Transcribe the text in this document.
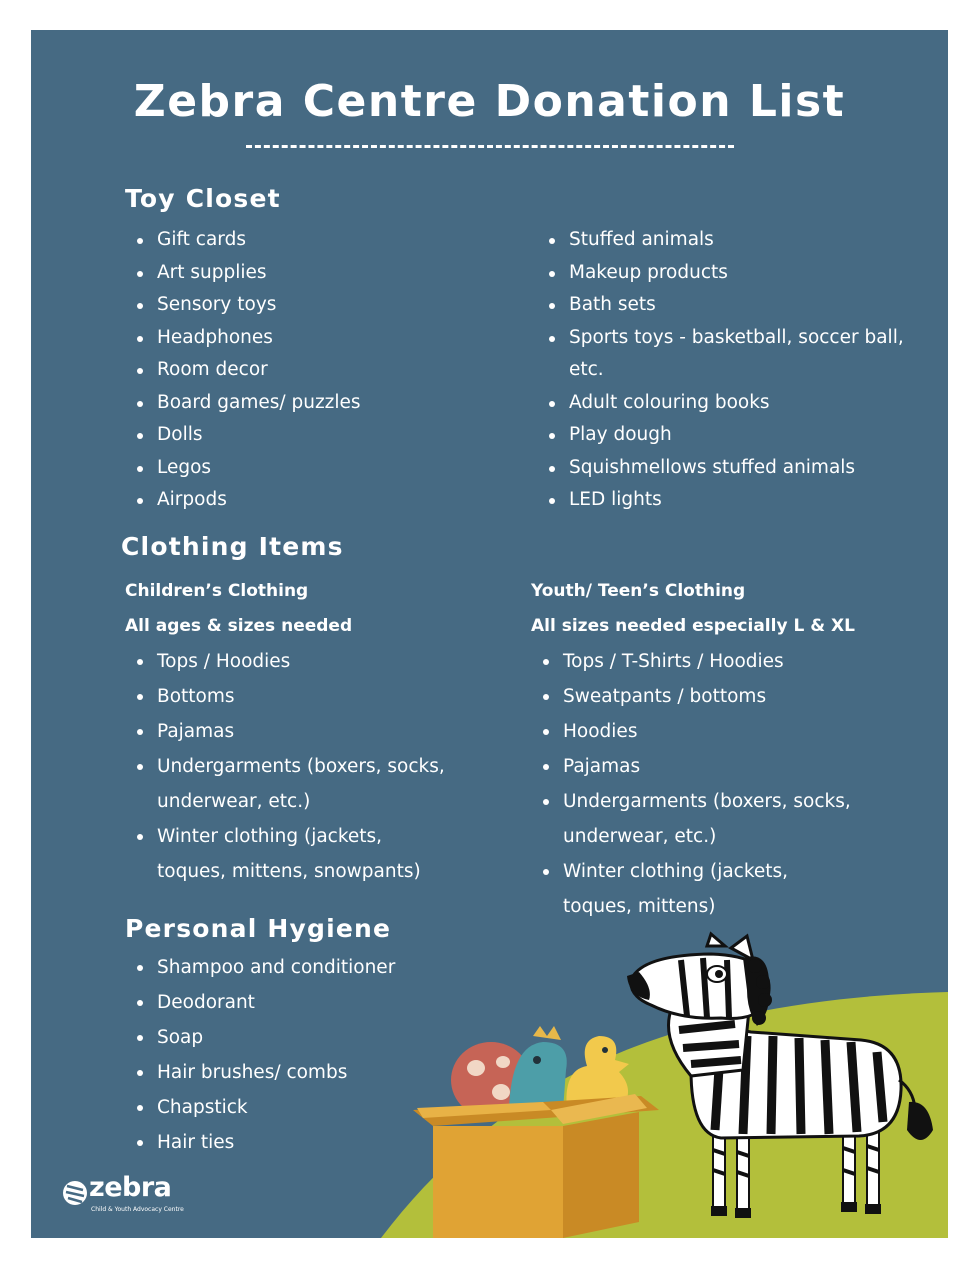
Zebra Centre Donation List
Toy Closet
Gift cards
Art supplies
Sensory toys
Headphones
Room decor
Board games/ puzzles
Dolls
Legos
Airpods
Stuffed animals
Makeup products
Bath sets
Sports toys - basketball, soccer ball, etc.
Adult colouring books
Play dough
Squishmellows stuffed animals
LED lights
Clothing Items

Children’s Clothing

All ages & sizes needed

Tops / Hoodies
Bottoms
Pajamas
Undergarments (boxers, socks, underwear, etc.)
Winter clothing (jackets, toques, mittens, snowpants)

Youth/ Teen’s Clothing

All sizes needed especially L & XL

Tops / T-Shirts / Hoodies
Sweatpants / bottoms
Hoodies
Pajamas
Undergarments (boxers, socks, underwear, etc.)
Winter clothing (jackets, toques, mittens)
Personal Hygiene
Shampoo and conditioner
Deodorant
Soap
Hair brushes/ combs
Chapstick
Hair ties
zebra
Child & Youth Advocacy Centre
